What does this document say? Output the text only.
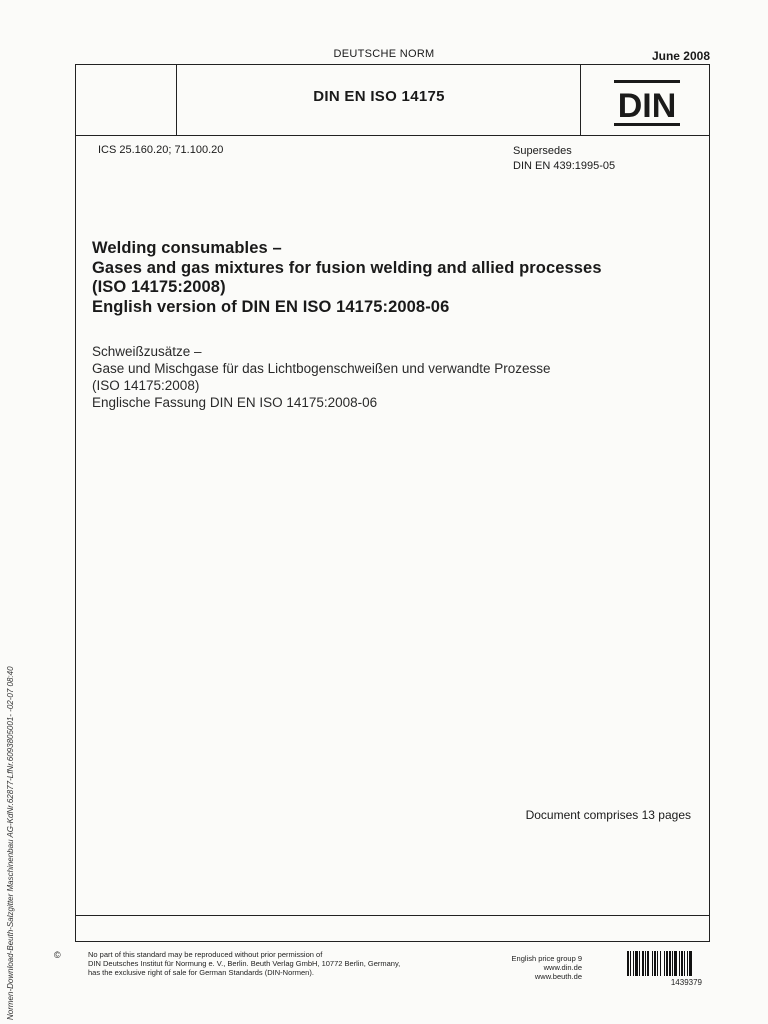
DEUTSCHE NORM	June 2008
DIN EN ISO 14175	DIN
ICS 25.160.20; 71.100.20	Supersedes
DIN EN 439:1995-05
Welding consumables –
Gases and gas mixtures for fusion welding and allied processes
(ISO 14175:2008)
English version of DIN EN ISO 14175:2008-06
Schweißzusätze –
Gase und Mischgase für das Lichtbogenschweißen und verwandte Prozesse
(ISO 14175:2008)
Englische Fassung DIN EN ISO 14175:2008-06
Document comprises 13 pages
Normen-Download-Beuth-Salzgitter Maschinenbau AG-KdNr.62877-LfNr.6093805001- -02-07 08:40	©	No part of this standard may be reproduced without prior permission of
DIN Deutsches Institut für Normung e. V., Berlin. Beuth Verlag GmbH, 10772 Berlin, Germany,
has the exclusive right of sale for German Standards (DIN-Normen).
English price group 9
www.din.de
www.beuth.de
1439379
